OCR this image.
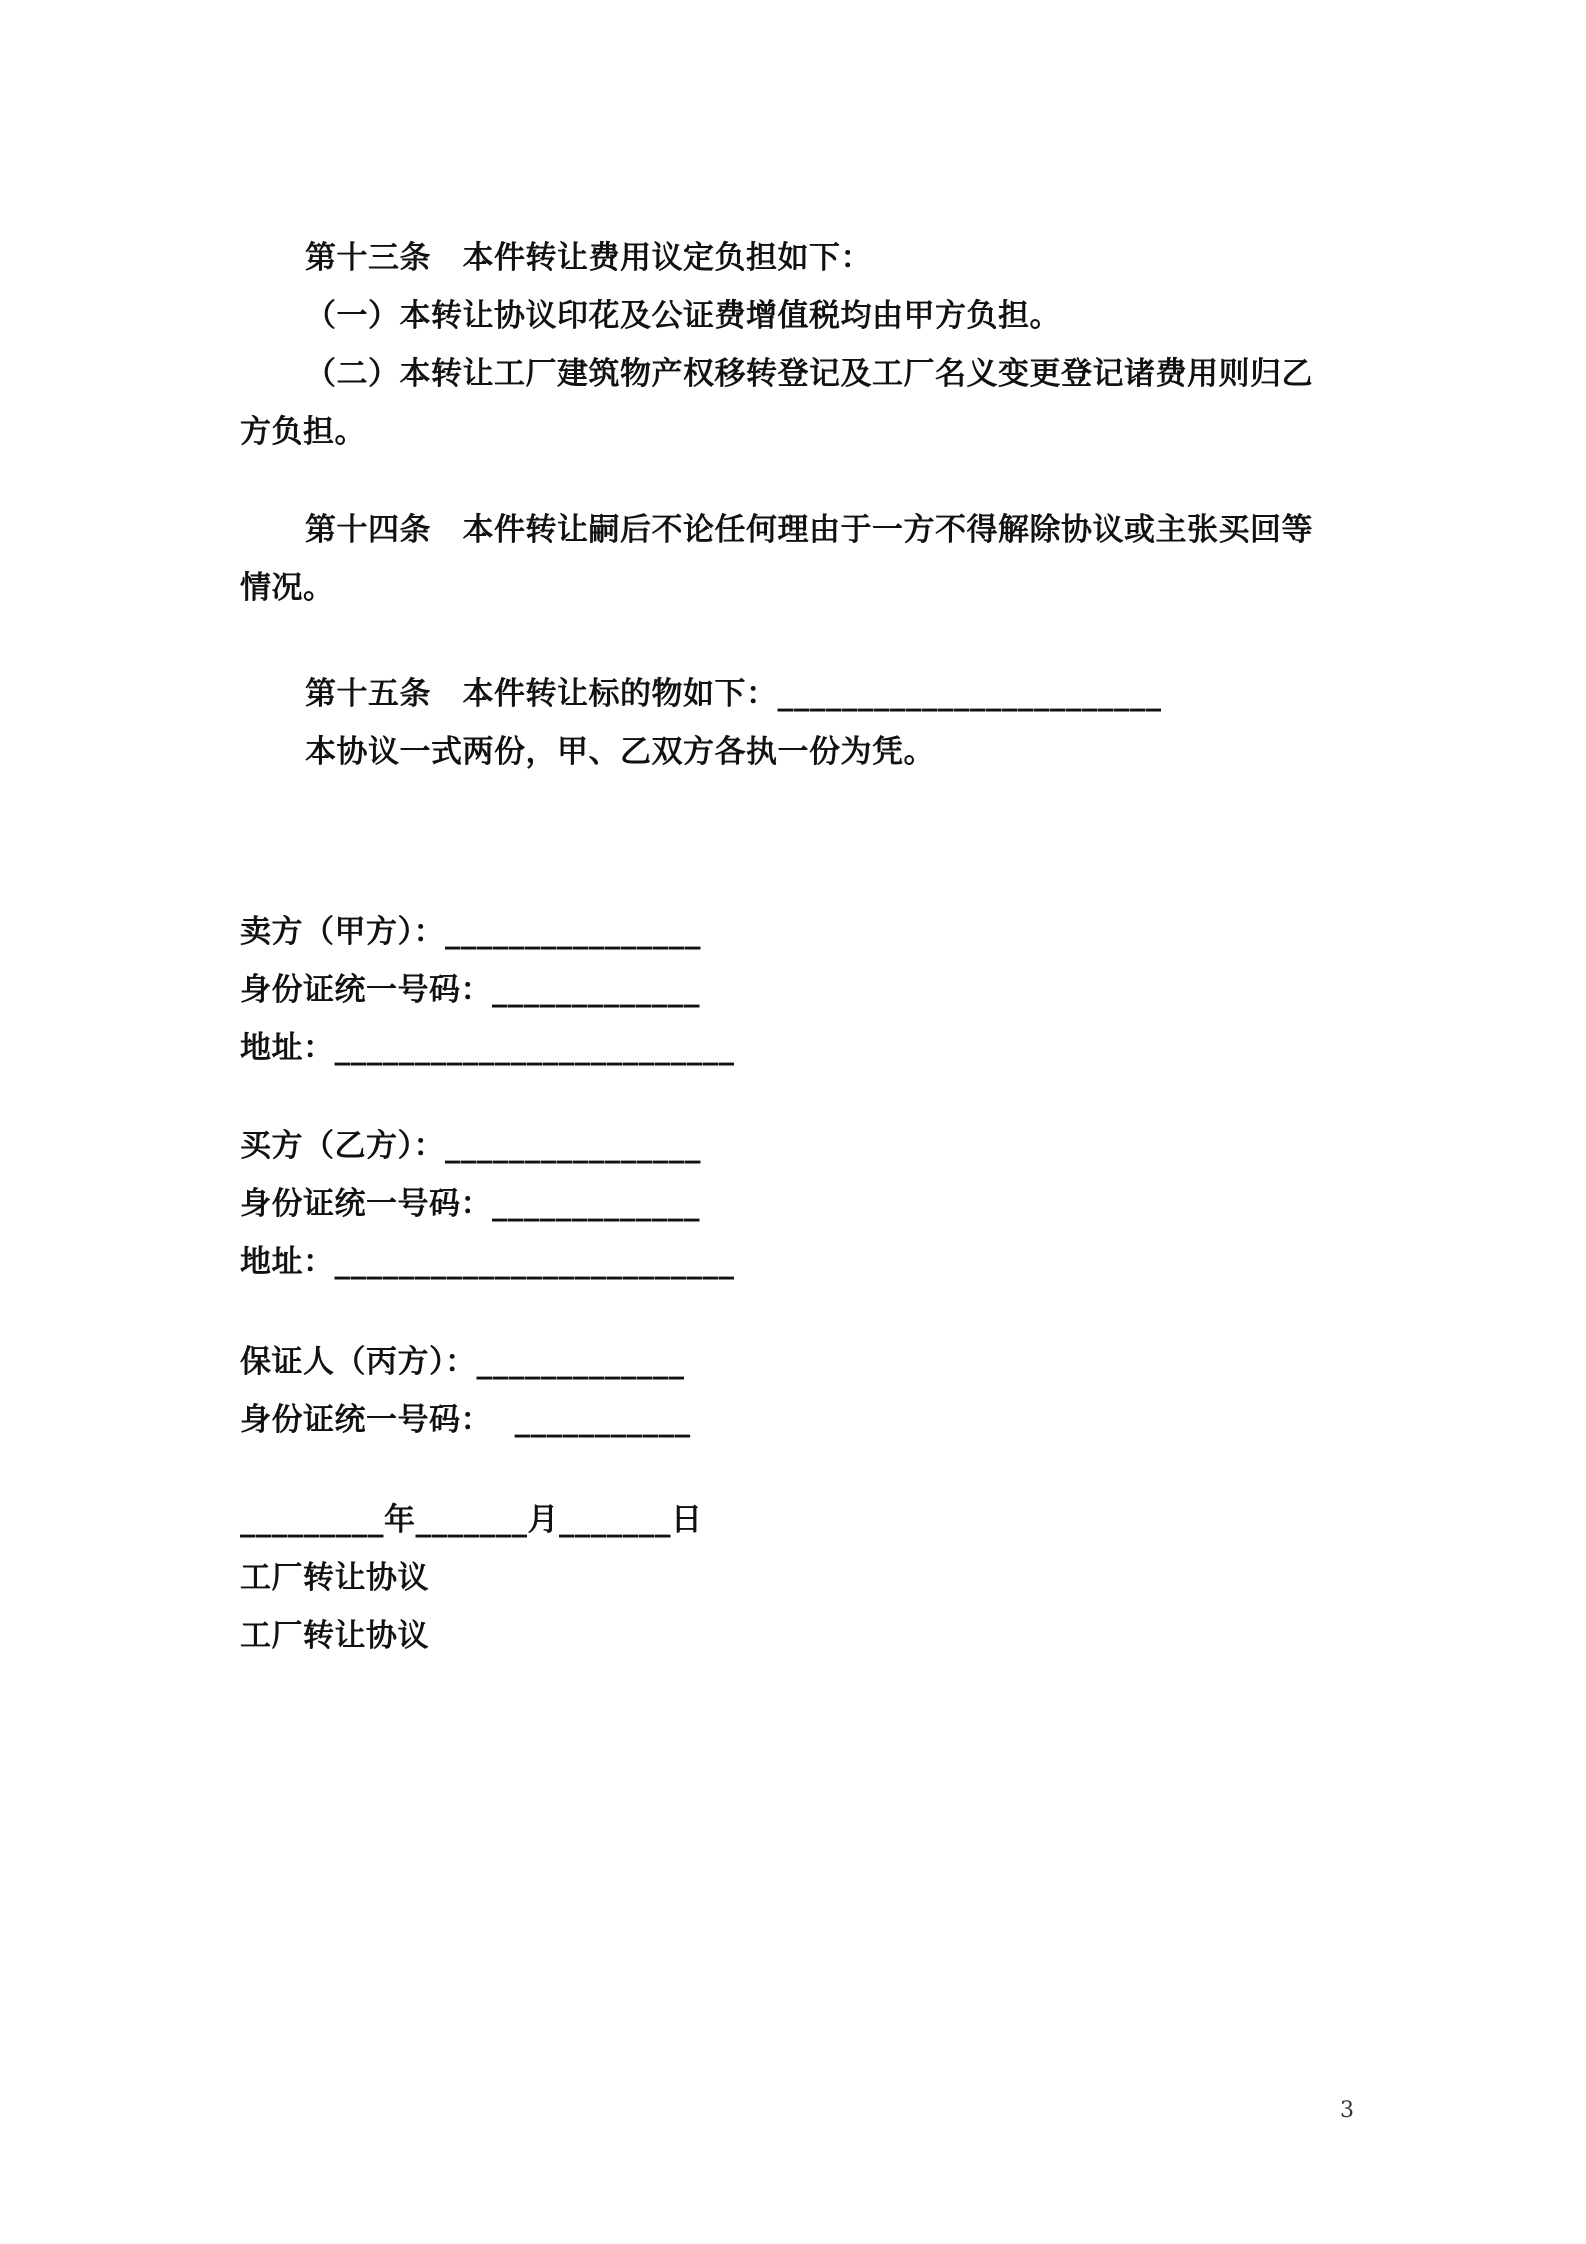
第十三条　本件转让费用议定负担如下：
（一）本转让协议印花及公证费增值税均由甲方负担。
（二）本转让工厂建筑物产权移转登记及工厂名义变更登记诸费用则归乙
方负担。
第十四条　本件转让嗣后不论任何理由于一方不得解除协议或主张买回等
情况。
第十五条　本件转让标的物如下：________________________
本协议一式两份，甲、乙双方各执一份为凭。
卖方（甲方）：________________
身份证统一号码：_____________
地址：_________________________
买方（乙方）：________________
身份证统一号码：_____________
地址：_________________________
保证人（丙方）：_____________
身份证统一号码：  ___________
_________年_______月_______日
工厂转让协议
工厂转让协议
3
